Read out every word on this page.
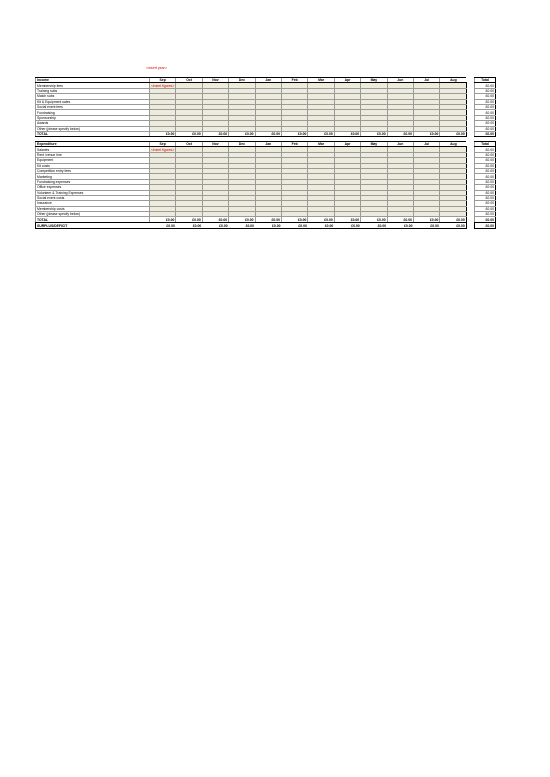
<insert year>
Income	Sep	Oct	Nov	Dec	Jan	Feb	Mar	Apr	May	Jun	Jul	Aug		Total
Membership fees	<insert figures>													£0.00
Training subs														£0.00
Match subs														£0.00
Kit & Equipment sales														£0.00
Social event fees														£0.00
Fundraising														£0.00
Sponsorship														£0.00
Awards														£0.00
Other (please specify below)														£0.00
TOTAL	£0.00	£0.00	£0.00	£0.00	£0.00	£0.00	£0.00	£0.00	£0.00	£0.00	£0.00	£0.00		£0.00
Expenditure	Sep	Oct	Nov	Dec	Jan	Feb	Mar	Apr	May	Jun	Jul	Aug		Total
Salaries	<insert figures>													£0.00
Rent /venue hire														£0.00
Equipment														£0.00
Kit costs														£0.00
Competition entry fees														£0.00
Marketing														£0.00
Fundraising expenses														£0.00
Office expenses														£0.00
Volunteer & Training Expenses														£0.00
Social event costs														£0.00
Insurance														£0.00
Membership costs														£0.00
Other (please specify below)														£0.00
TOTAL	£0.00	£0.00	£0.00	£0.00	£0.00	£0.00	£0.00	£0.00	£0.00	£0.00	£0.00	£0.00		£0.00
SURPLUS/DEFICIT	£0.00	£0.00	£0.00	£0.00	£0.00	£0.00	£0.00	£0.00	£0.00	£0.00	£0.00	£0.00		£0.00
